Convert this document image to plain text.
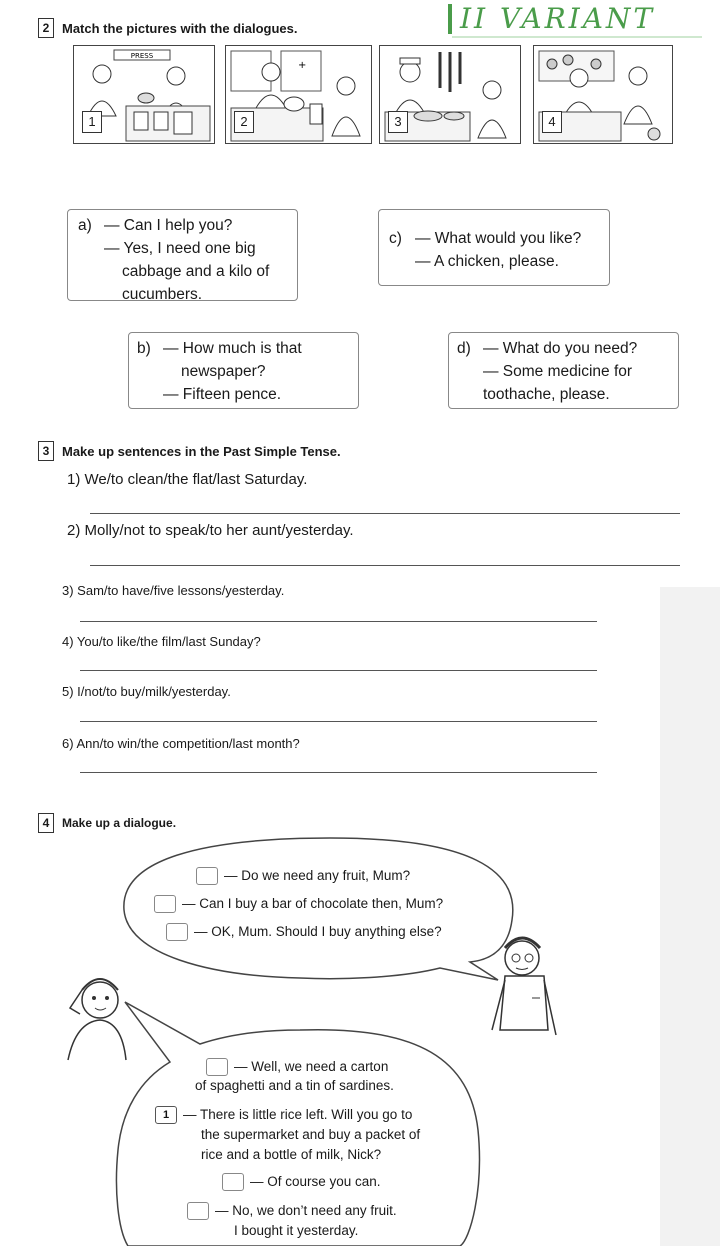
2 Match the pictures with the dialogues.	II VARIANT
PRESS
1
+
2	3	4
a) — Can I help you?
— Yes, I need one big
cabbage and a kilo of
cucumbers.
c) — What would you like?
— A chicken, please.
b) — How much is that
newspaper?
— Fifteen pence.
d) — What do you need?
— Some medicine for
toothache, please.
3 Make up sentences in the Past Simple Tense.
1) We/to clean/the flat/last Saturday.
2) Molly/not to speak/to her aunt/yesterday.
3) Sam/to have/five lessons/yesterday.
4) You/to like/the film/last Sunday?
5) I/not/to buy/milk/yesterday.
6) Ann/to win/the competition/last month?
4	Make up a dialogue.
— Do we need any fruit, Mum?
— Can I buy a bar of chocolate then, Mum?
— OK, Mum. Should I buy anything else?
— Well, we need a carton
of spaghetti and a tin of sardines.
1 — There is little rice left. Will you go to
the supermarket and buy a packet of
rice and a bottle of milk, Nick?
— Of course you can.
— No, we don’t need any fruit.
I bought it yesterday.
